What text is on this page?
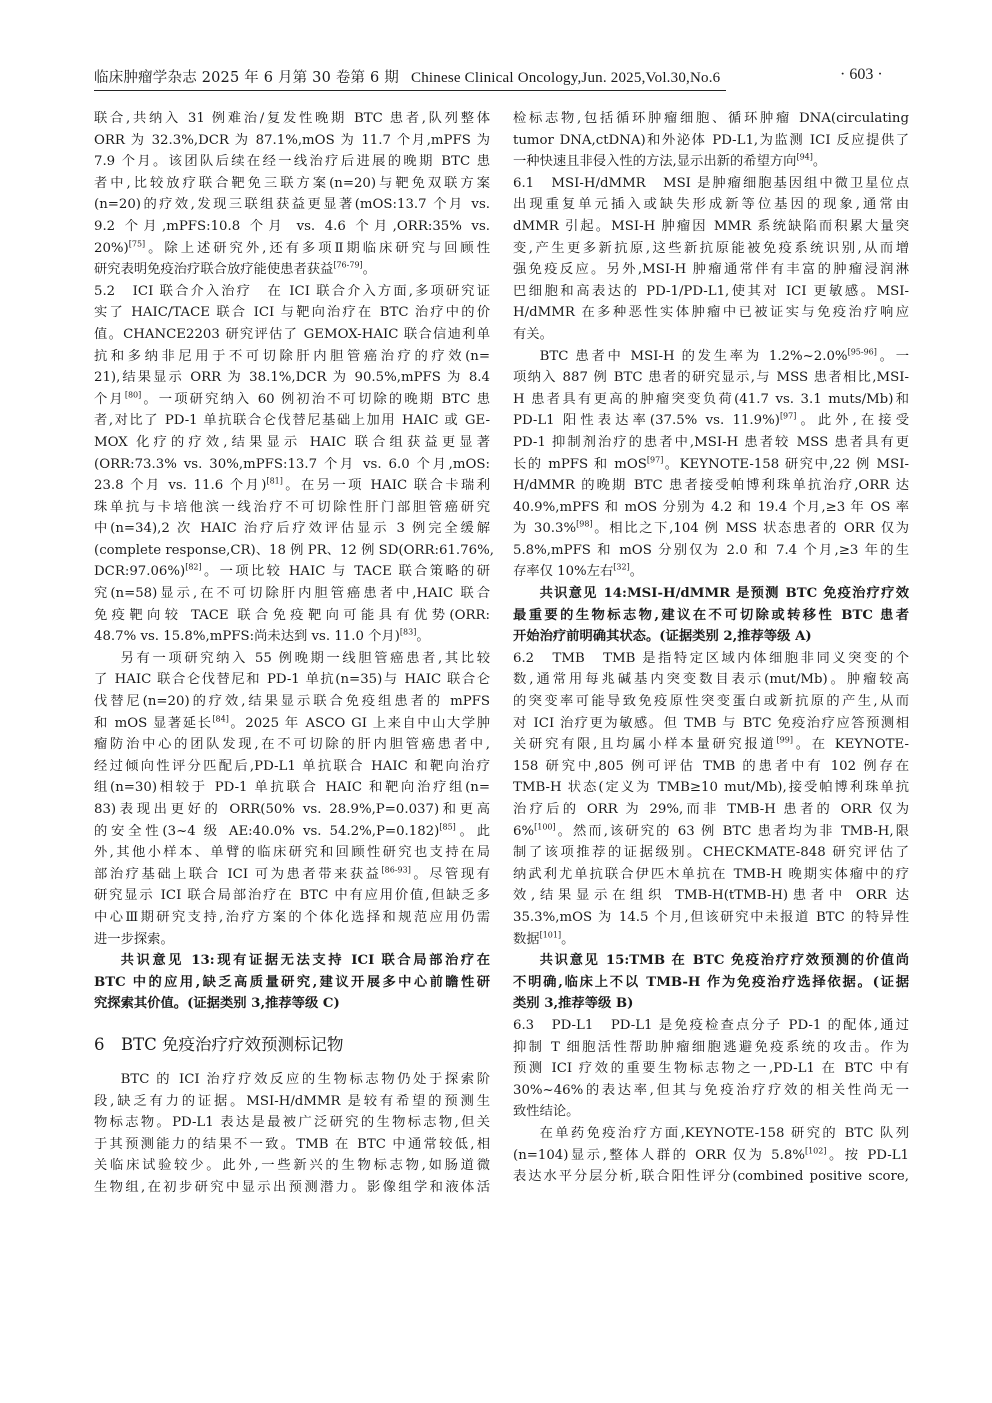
临床肿瘤学杂志 2025 年 6 月第 30 卷第 6 期 Chinese Clinical Oncology,Jun. 2025,Vol.30,No.6	· 603 ·
联合,共纳入 31 例难治/复发性晚期 BTC 患者,队列整体
ORR 为 32.3%,DCR 为 87.1%,mOS 为 11.7 个月,mPFS 为
7.9 个月。该团队后续在经一线治疗后进展的晚期 BTC 患
者中,比较放疗联合靶免三联方案(n=20)与靶免双联方案
(n=20)的疗效,发现三联组获益更显著(mOS:13.7 个月 vs.
9.2 个月,mPFS:10.8 个月 vs. 4.6 个月,ORR:35% vs.
20%)[75]。除上述研究外,还有多项Ⅱ期临床研究与回顾性
研究表明免疫治疗联合放疗能使患者获益[76-79]。
5.2　ICI 联合介入治疗　在 ICI 联合介入方面,多项研究证
实了 HAIC/TACE 联合 ICI 与靶向治疗在 BTC 治疗中的价
值。CHANCE2203 研究评估了 GEMOX-HAIC 联合信迪利单
抗和多纳非尼用于不可切除肝内胆管癌治疗的疗效(n=
21),结果显示 ORR 为 38.1%,DCR 为 90.5%,mPFS 为 8.4
个月[80]。一项研究纳入 60 例初治不可切除的晚期 BTC 患
者,对比了 PD-1 单抗联合仑伐替尼基础上加用 HAIC 或 GE-
MOX 化疗的疗效,结果显示 HAIC 联合组获益更显著
(ORR:73.3% vs. 30%,mPFS:13.7 个月 vs. 6.0 个月,mOS:
23.8 个月 vs. 11.6 个月)[81]。在另一项 HAIC 联合卡瑞利
珠单抗与卡培他滨一线治疗不可切除性肝门部胆管癌研究
中(n=34),2 次 HAIC 治疗后疗效评估显示 3 例完全缓解
(complete response,CR)、18 例 PR、12 例 SD(ORR:61.76%,
DCR:97.06%)[82]。一项比较 HAIC 与 TACE 联合策略的研
究(n=58)显示,在不可切除肝内胆管癌患者中,HAIC 联合
免疫靶向较 TACE 联合免疫靶向可能具有优势(ORR:
48.7% vs. 15.8%,mPFS:尚未达到 vs. 11.0 个月)[83]。
另有一项研究纳入 55 例晚期一线胆管癌患者,其比较
了 HAIC 联合仑伐替尼和 PD-1 单抗(n=35)与 HAIC 联合仑
伐替尼(n=20)的疗效,结果显示联合免疫组患者的 mPFS
和 mOS 显著延长[84]。2025 年 ASCO GI 上来自中山大学肿
瘤防治中心的团队发现,在不可切除的肝内胆管癌患者中,
经过倾向性评分匹配后,PD-L1 单抗联合 HAIC 和靶向治疗
组(n=30)相较于 PD-1 单抗联合 HAIC 和靶向治疗组(n=
83)表现出更好的 ORR(50% vs. 28.9%,P=0.037)和更高
的安全性(3~4 级 AE:40.0% vs. 54.2%,P=0.182)[85]。此
外,其他小样本、单臂的临床研究和回顾性研究也支持在局
部治疗基础上联合 ICI 可为患者带来获益[86-93]。尽管现有
研究显示 ICI 联合局部治疗在 BTC 中有应用价值,但缺乏多
中心Ⅲ期研究支持,治疗方案的个体化选择和规范应用仍需
进一步探索。
共识意见 13:现有证据无法支持 ICI 联合局部治疗在
BTC 中的应用,缺乏高质量研究,建议开展多中心前瞻性研
究探索其价值。(证据类别 3,推荐等级 C)
6　BTC 免疫治疗疗效预测标记物
BTC 的 ICI 治疗疗效反应的生物标志物仍处于探索阶
段,缺乏有力的证据。MSI-H/dMMR 是较有希望的预测生
物标志物。PD-L1 表达是最被广泛研究的生物标志物,但关
于其预测能力的结果不一致。TMB 在 BTC 中通常较低,相
关临床试验较少。此外,一些新兴的生物标志物,如肠道微
生物组,在初步研究中显示出预测潜力。影像组学和液体活
检标志物,包括循环肿瘤细胞、循环肿瘤 DNA(circulating
tumor DNA,ctDNA)和外泌体 PD-L1,为监测 ICI 反应提供了
一种快速且非侵入性的方法,显示出新的希望方向[94]。
6.1　MSI-H/dMMR　MSI 是肿瘤细胞基因组中微卫星位点
出现重复单元插入或缺失形成新等位基因的现象,通常由
dMMR 引起。MSI-H 肿瘤因 MMR 系统缺陷而积累大量突
变,产生更多新抗原,这些新抗原能被免疫系统识别,从而增
强免疫反应。另外,MSI-H 肿瘤通常伴有丰富的肿瘤浸润淋
巴细胞和高表达的 PD-1/PD-L1,使其对 ICI 更敏感。MSI-
H/dMMR 在多种恶性实体肿瘤中已被证实与免疫治疗响应
有关。
BTC 患者中 MSI-H 的发生率为 1.2%~2.0%[95-96]。一
项纳入 887 例 BTC 患者的研究显示,与 MSS 患者相比,MSI-
H 患者具有更高的肿瘤突变负荷(41.7 vs. 3.1 muts/Mb)和
PD-L1 阳性表达率(37.5% vs. 11.9%)[97]。此外,在接受
PD-1 抑制剂治疗的患者中,MSI-H 患者较 MSS 患者具有更
长的 mPFS 和 mOS[97]。KEYNOTE-158 研究中,22 例 MSI-
H/dMMR 的晚期 BTC 患者接受帕博利珠单抗治疗,ORR 达
40.9%,mPFS 和 mOS 分别为 4.2 和 19.4 个月,≥3 年 OS 率
为 30.3%[98]。相比之下,104 例 MSS 状态患者的 ORR 仅为
5.8%,mPFS 和 mOS 分别仅为 2.0 和 7.4 个月,≥3 年的生
存率仅 10%左右[32]。
共识意见 14:MSI-H/dMMR 是预测 BTC 免疫治疗疗效
最重要的生物标志物,建议在不可切除或转移性 BTC 患者
开始治疗前明确其状态。(证据类别 2,推荐等级 A)
6.2　TMB　TMB 是指特定区域内体细胞非同义突变的个
数,通常用每兆碱基内突变数目表示(mut/Mb)。肿瘤较高
的突变率可能导致免疫原性突变蛋白或新抗原的产生,从而
对 ICI 治疗更为敏感。但 TMB 与 BTC 免疫治疗应答预测相
关研究有限,且均属小样本量研究报道[99]。在 KEYNOTE-
158 研究中,805 例可评估 TMB 的患者中有 102 例存在
TMB-H 状态(定义为 TMB≥10 mut/Mb),接受帕博利珠单抗
治疗后的 ORR 为 29%,而非 TMB-H 患者的 ORR 仅为
6%[100]。然而,该研究的 63 例 BTC 患者均为非 TMB-H,限
制了该项推荐的证据级别。CHECKMATE-848 研究评估了
纳武利尤单抗联合伊匹木单抗在 TMB-H 晚期实体瘤中的疗
效,结果显示在组织 TMB-H(tTMB-H)患者中 ORR 达
35.3%,mOS 为 14.5 个月,但该研究中未报道 BTC 的特异性
数据[101]。
共识意见 15:TMB 在 BTC 免疫治疗疗效预测的价值尚
不明确,临床上不以 TMB-H 作为免疫治疗选择依据。(证据
类别 3,推荐等级 B)
6.3　PD-L1　PD-L1 是免疫检查点分子 PD-1 的配体,通过
抑制 T 细胞活性帮助肿瘤细胞逃避免疫系统的攻击。作为
预测 ICI 疗效的重要生物标志物之一,PD-L1 在 BTC 中有
30%~46%的表达率,但其与免疫治疗疗效的相关性尚无一
致性结论。
在单药免疫治疗方面,KEYNOTE-158 研究的 BTC 队列
(n=104)显示,整体人群的 ORR 仅为 5.8%[102]。按 PD-L1
表达水平分层分析,联合阳性评分(combined positive score,
